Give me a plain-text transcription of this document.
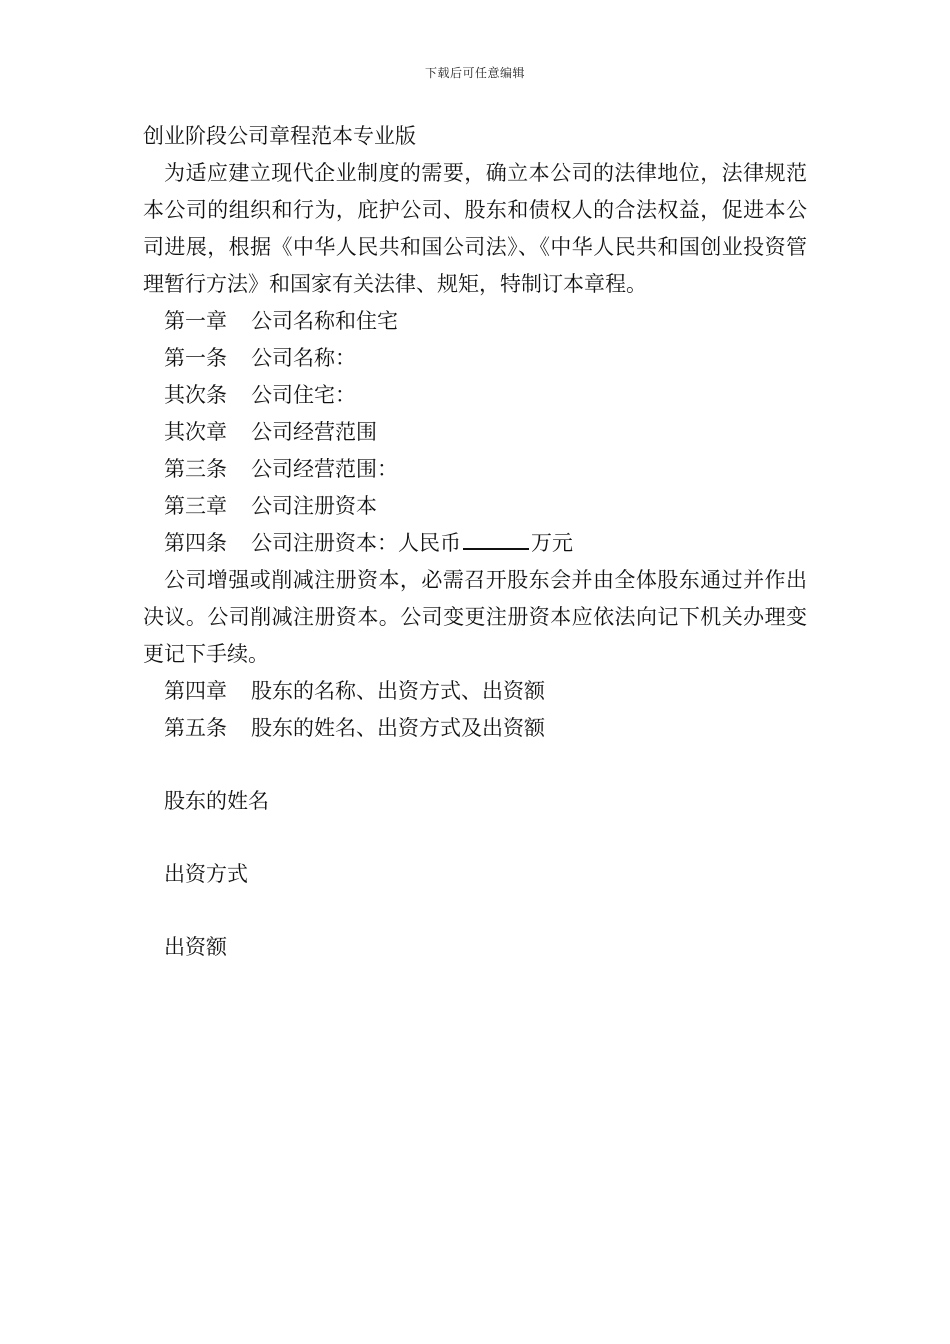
下载后可任意编辑

创业阶段公司章程范本专业版

为适应建立现代企业制度的需要，确立本公司的法律地位，法律规范本公司的组织和行为，庇护公司、股东和债权人的合法权益，促进本公司进展，根据《中华人民共和国公司法》、《中华人民共和国创业投资管理暂行方法》和国家有关法律、规矩，特制订本章程。

第一章 公司名称和住宅

第一条 公司名称：

其次条 公司住宅：

其次章 公司经营范围

第三条 公司经营范围：

第三章 公司注册资本

第四条 公司注册资本：人民币	万元

公司增强或削减注册资本，必需召开股东会并由全体股东通过并作出决议。公司削减注册资本。公司变更注册资本应依法向记下机关办理变更记下手续。

第四章 股东的名称、出资方式、出资额

第五条 股东的姓名、出资方式及出资额

股东的姓名

出资方式

出资额
